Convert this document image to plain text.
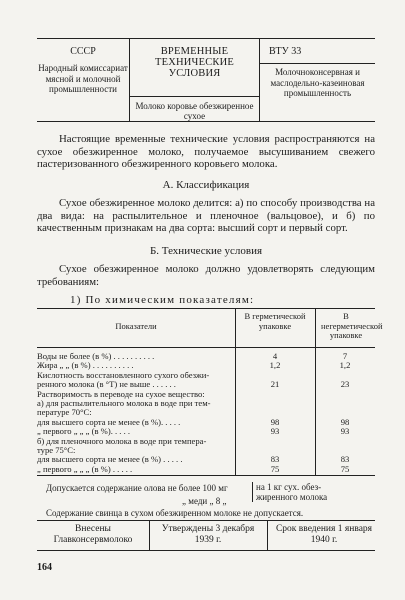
СССР
Народный комиссариат мясной и молочной промышленности
ВРЕМЕННЫЕ ТЕХНИЧЕСКИЕ УСЛОВИЯ
Молоко коровье обезжиренное сухое
ВТУ 33
Молочноконсервная и маслодельно-казеиновая промышленность

Настоящие временные технические условия распространяются на сухое обезжиренное молоко, получаемое высушиванием свежего пастеризованного обезжиренного коровьего молока.

А. Классификация

Сухое обезжиренное молоко делится: а) по способу производства на два вида: на распылительное и пленочное (вальцовое), и б) по качественным признакам на два сорта: высший сорт и первый сорт.

Б. Технические условия

Сухое обезжиренное молоко должно удовлетворять следующим требованиям:

1) По химическим показателям:
Показатели
В герметической упаковке
В негерметической упаковке
Воды не более (в %) . . . . . . . . . .	4	7
Жира „ „ (в %) . . . . . . . . . .	1,2	1,2
Кислотность восстановленного сухого обезжи-
ренного молока (в °Т) не выше . . . . . .	21	23
Растворимость в переводе на сухое вещество:
а) для распылительного молока в воде при тем-
пературе 70°С:
для высшего сорта не менее (в %). . . . .	98	98
„ первого „ „ „ (в %). . . . .	93	93
б) для пленочного молока в воде при темпера-
туре 75°С:
для высшего сорта не менее (в %) . . . . .	83	83
„ первого „ „ „ (в %) . . . . .	75	75
Допускается содержание олова не более 100 мг	на 1 кг сух. обез-
жиренного молока
„ меди „ 8 „
Содержание свинца в сухом обезжиренном молоке не допускается.
Внесены Главконсервмолоко
Утверждены 3 декабря 1939 г.
Срок введения 1 января 1940 г.
164
